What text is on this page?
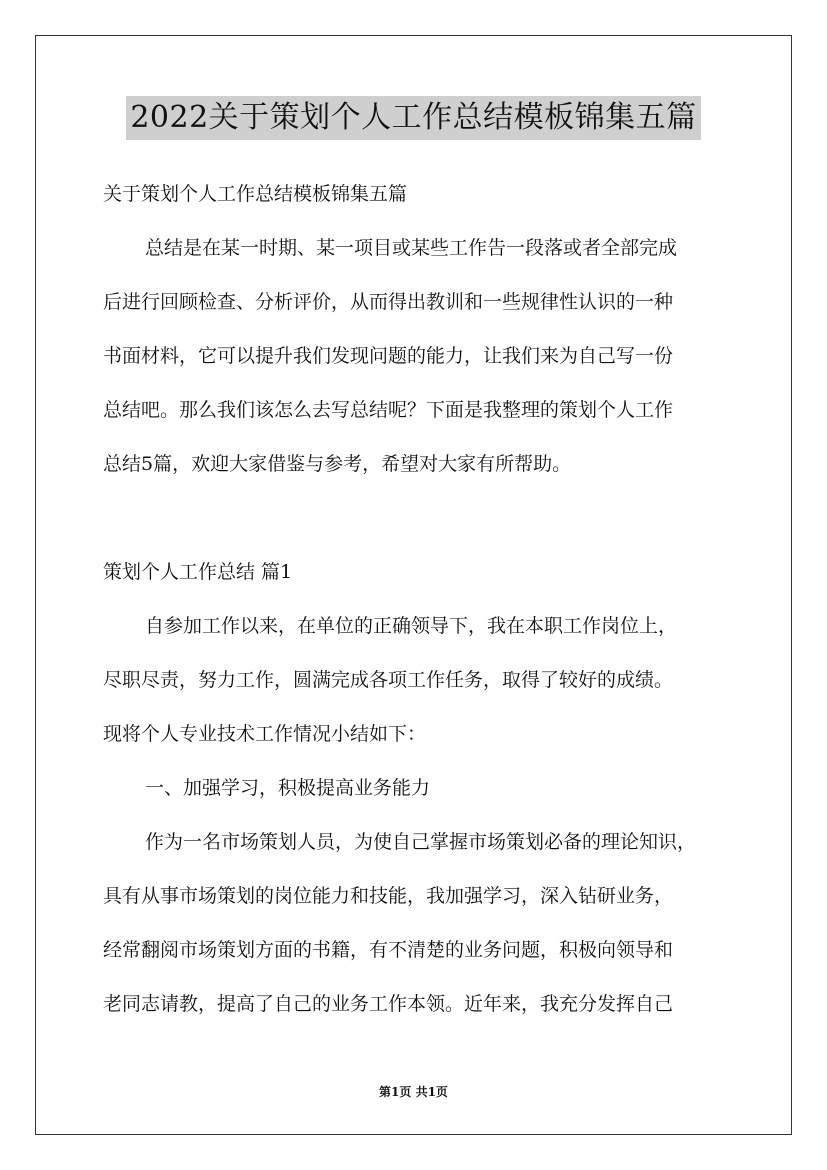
2022关于策划个人工作总结模板锦集五篇
关于策划个人工作总结模板锦集五篇
总结是在某一时期、某一项目或某些工作告一段落或者全部完成
后进行回顾检查、分析评价，从而得出教训和一些规律性认识的一种
书面材料，它可以提升我们发现问题的能力，让我们来为自己写一份
总结吧。那么我们该怎么去写总结呢？下面是我整理的策划个人工作
总结5篇，欢迎大家借鉴与参考，希望对大家有所帮助。
策划个人工作总结 篇1
自参加工作以来，在单位的正确领导下，我在本职工作岗位上，
尽职尽责，努力工作，圆满完成各项工作任务，取得了较好的成绩。
现将个人专业技术工作情况小结如下：
一、加强学习，积极提高业务能力
作为一名市场策划人员，为使自己掌握市场策划必备的理论知识，
具有从事市场策划的岗位能力和技能，我加强学习，深入钻研业务，
经常翻阅市场策划方面的书籍，有不清楚的业务问题，积极向领导和
老同志请教，提高了自己的业务工作本领。近年来，我充分发挥自己
第1页 共1页
